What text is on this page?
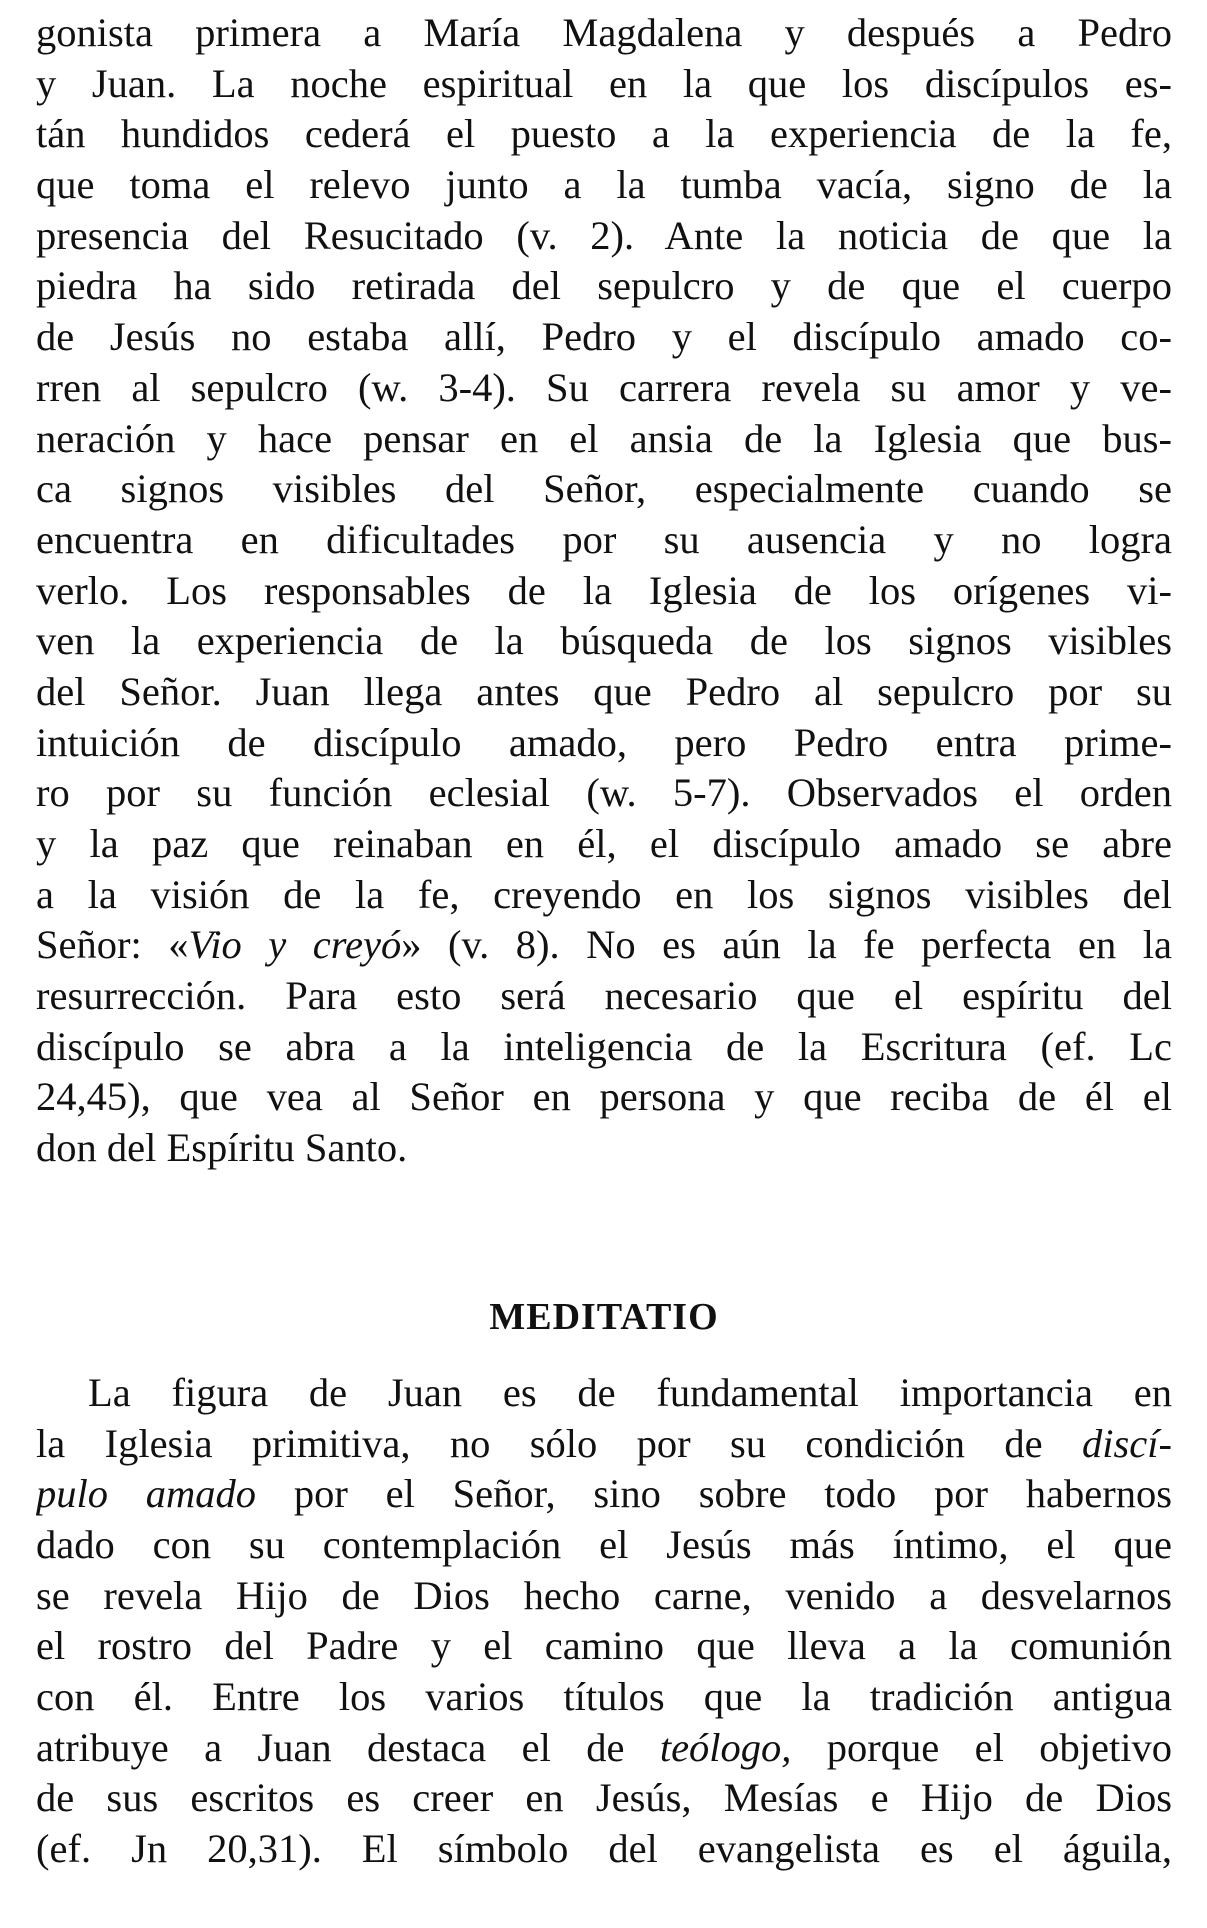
gonista primera a María Magdalena y después a Pedro
y Juan. La noche espiritual en la que los discípulos es-
tán hundidos cederá el puesto a la experiencia de la fe,
que toma el relevo junto a la tumba vacía, signo de la
presencia del Resucitado (v. 2). Ante la noticia de que la
piedra ha sido retirada del sepulcro y de que el cuerpo
de Jesús no estaba allí, Pedro y el discípulo amado co-
rren al sepulcro (w. 3-4). Su carrera revela su amor y ve-
neración y hace pensar en el ansia de la Iglesia que bus-
ca signos visibles del Señor, especialmente cuando se
encuentra en dificultades por su ausencia y no logra
verlo. Los responsables de la Iglesia de los orígenes vi-
ven la experiencia de la búsqueda de los signos visibles
del Señor. Juan llega antes que Pedro al sepulcro por su
intuición de discípulo amado, pero Pedro entra prime-
ro por su función eclesial (w. 5-7). Observados el orden
y la paz que reinaban en él, el discípulo amado se abre
a la visión de la fe, creyendo en los signos visibles del
Señor: «Vio y creyó» (v. 8). No es aún la fe perfecta en la
resurrección. Para esto será necesario que el espíritu del
discípulo se abra a la inteligencia de la Escritura (ef. Lc
24,45), que vea al Señor en persona y que reciba de él el
don del Espíritu Santo.
MEDITATIO
La figura de Juan es de fundamental importancia en
la Iglesia primitiva, no sólo por su condición de discí-
pulo amado por el Señor, sino sobre todo por habernos
dado con su contemplación el Jesús más íntimo, el que
se revela Hijo de Dios hecho carne, venido a desvelarnos
el rostro del Padre y el camino que lleva a la comunión
con él. Entre los varios títulos que la tradición antigua
atribuye a Juan destaca el de teólogo, porque el objetivo
de sus escritos es creer en Jesús, Mesías e Hijo de Dios
(ef. Jn 20,31). El símbolo del evangelista es el águila,
